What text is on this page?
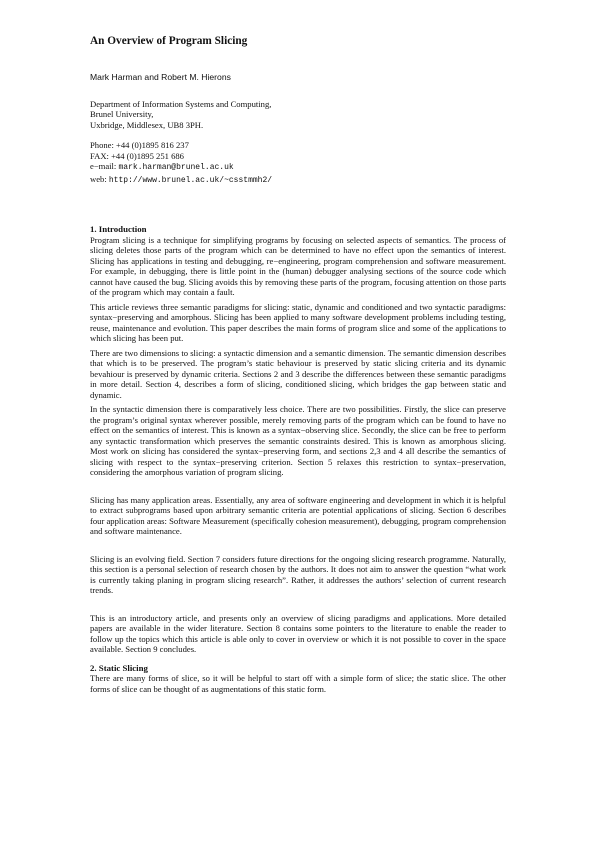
An Overview of Program Slicing
Mark Harman and Robert M. Hierons
Department of Information Systems and Computing,
Brunel University,
Uxbridge, Middlesex, UB8 3PH.
Phone: +44 (0)1895 816 237
FAX: +44 (0)1895 251 686
e−mail: mark.harman@brunel.ac.uk
web: http://www.brunel.ac.uk/~csstmmh2/
1. Introduction

Program slicing is a technique for simplifying programs by focusing on selected aspects of semantics. The process of slicing deletes those parts of the program which can be determined to have no effect upon the semantics of interest. Slicing has applications in testing and debugging, re−engineering, program comprehension and software measurement. For example, in debugging, there is little point in the (human) debugger analysing sections of the source code which cannot have caused the bug. Slicing avoids this by removing these parts of the program, focusing attention on those parts of the program which may contain a fault.

This article reviews three semantic paradigms for slicing: static, dynamic and conditioned and two syntactic paradigms: syntax−preserving and amorphous. Slicing has been applied to many software development problems including testing, reuse, maintenance and evolution. This paper describes the main forms of program slice and some of the applications to which slicing has been put.

There are two dimensions to slicing: a syntactic dimension and a semantic dimension. The semantic dimension describes that which is to be preserved. The program’s static behaviour is preserved by static slicing criteria and its dynamic bevahiour is preserved by dynamic criteria. Sections 2 and 3 describe the differences between these semantic paradigms in more detail. Section 4, describes a form of slicing, conditioned slicing, which bridges the gap between static and dynamic.

In the syntactic dimension there is comparatively less choice. There are two possibilities. Firstly, the slice can preserve the program’s original syntax wherever possible, merely removing parts of the program which can be found to have no effect on the semantics of interest. This is known as a syntax−observing slice. Secondly, the slice can be free to perform any syntactic transformation which preserves the semantic constraints desired. This is known as amorphous slicing. Most work on slicing has considered the syntax−preserving form, and sections 2,3 and 4 all describe the semantics of slicing with respect to the syntax−preserving criterion. Section 5 relaxes this restriction to syntax−preservation, considering the amorphous variation of program slicing.

Slicing has many application areas. Essentially, any area of software engineering and development in which it is helpful to extract subprograms based upon arbitrary semantic criteria are potential applications of slicing. Section 6 describes four application areas: Software Measurement (specifically cohesion measurement), debugging, program comprehension and software maintenance.

Slicing is an evolving field. Section 7 considers future directions for the ongoing slicing research programme. Naturally, this section is a personal selection of research chosen by the authors. It does not aim to answer the question “what work is currently taking planing in program slicing research”. Rather, it addresses the authors’ selection of current research trends.

This is an introductory article, and presents only an overview of slicing paradigms and applications. More detailed papers are available in the wider literature. Section 8 contains some pointers to the literature to enable the reader to follow up the topics which this article is able only to cover in overview or which it is not possible to cover in the space available. Section 9 concludes.

2. Static Slicing

There are many forms of slice, so it will be helpful to start off with a simple form of slice; the static slice. The other forms of slice can be thought of as augmentations of this static form.
